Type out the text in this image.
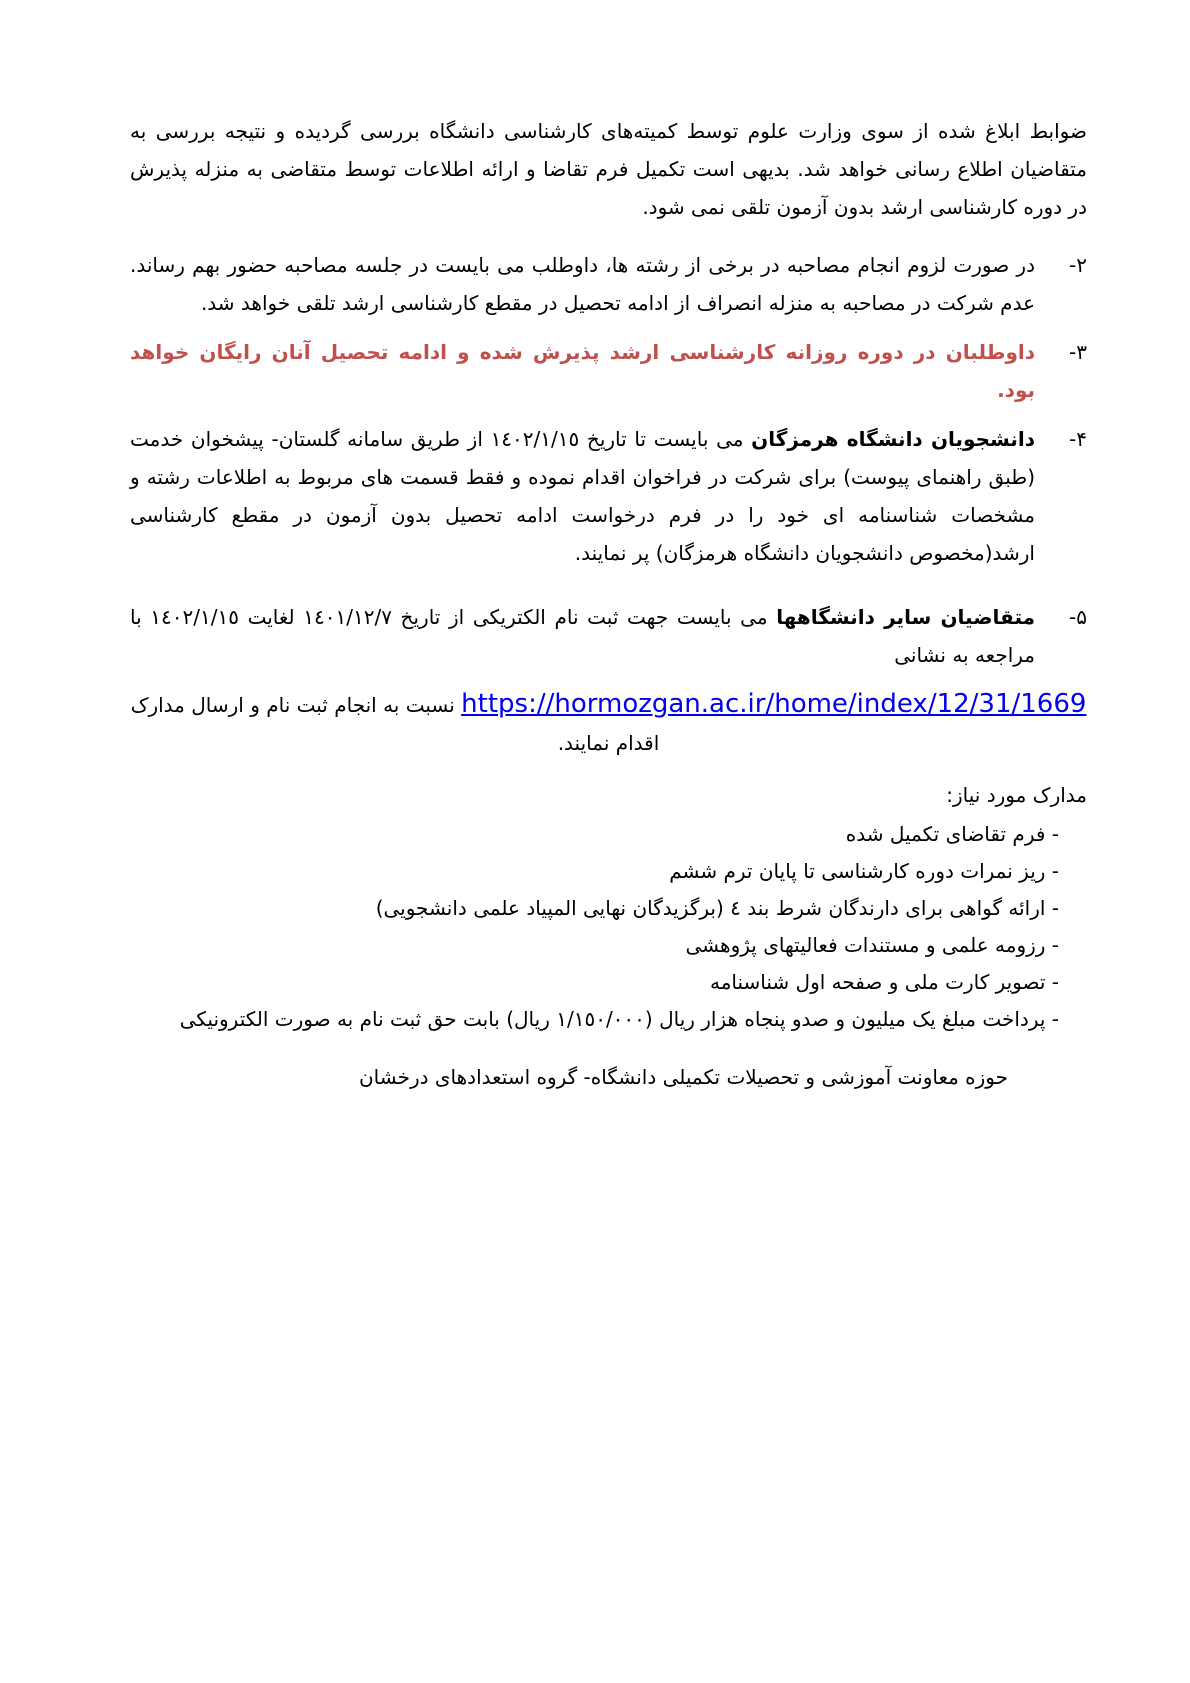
ضوابط ابلاغ شده از سوی وزارت علوم توسط کمیته‌های کارشناسی دانشگاه بررسی گردیده و نتیجه بررسی به متقاضیان اطلاع رسانی خواهد شد. بدیهی است تکمیل فرم تقاضا و ارائه اطلاعات توسط متقاضی به منزله پذیرش در دوره کارشناسی ارشد بدون آزمون تلقی نمی شود.

۲-

در صورت لزوم انجام مصاحبه در برخی از رشته ها، داوطلب می بایست در جلسه مصاحبه حضور بهم رساند. عدم شرکت در مصاحبه به منزله انصراف از ادامه تحصیل در مقطع کارشناسی ارشد تلقی خواهد شد.

۳-

داوطلبان در دوره روزانه کارشناسی ارشد پذیرش شده و ادامه تحصیل آنان رایگان خواهد بود.

۴-

دانشجویان دانشگاه هرمزگان می بایست تا تاریخ ١٤٠٢/١/١٥ از طریق سامانه گلستان- پیشخوان خدمت (طبق راهنمای پیوست) برای شرکت در فراخوان اقدام نموده و فقط قسمت های مربوط به اطلاعات رشته و مشخصات شناسنامه ای خود را در فرم درخواست ادامه تحصیل بدون آزمون در مقطع کارشناسی ارشد(مخصوص دانشجویان دانشگاه هرمزگان) پر نمایند.

۵-

متقاضیان سایر دانشگاهها می بایست جهت ثبت نام الکتریکی از تاریخ ١٤٠١/١٢/٧ لغایت ١٤٠٢/١/١٥ با مراجعه به نشانی

https://hormozgan.ac.ir/home/index/12/31/1669 نسبت به انجام ثبت نام و ارسال مدارک اقدام نمایند.

مدارک مورد نیاز:

- فرم تقاضای تکمیل شده

- ریز نمرات دوره کارشناسی تا پایان ترم ششم

- ارائه گواهی برای دارندگان شرط بند ٤ (برگزیدگان نهایی المپیاد علمی دانشجویی)

- رزومه علمی و مستندات فعالیتهای پژوهشی

- تصویر کارت ملی و صفحه اول شناسنامه

- پرداخت مبلغ یک میلیون و صدو پنجاه هزار ریال (١/١٥٠/٠٠٠ ریال) بابت حق ثبت نام به صورت الکترونیکی

حوزه معاونت آموزشی و تحصیلات تکمیلی دانشگاه- گروه استعدادهای درخشان
